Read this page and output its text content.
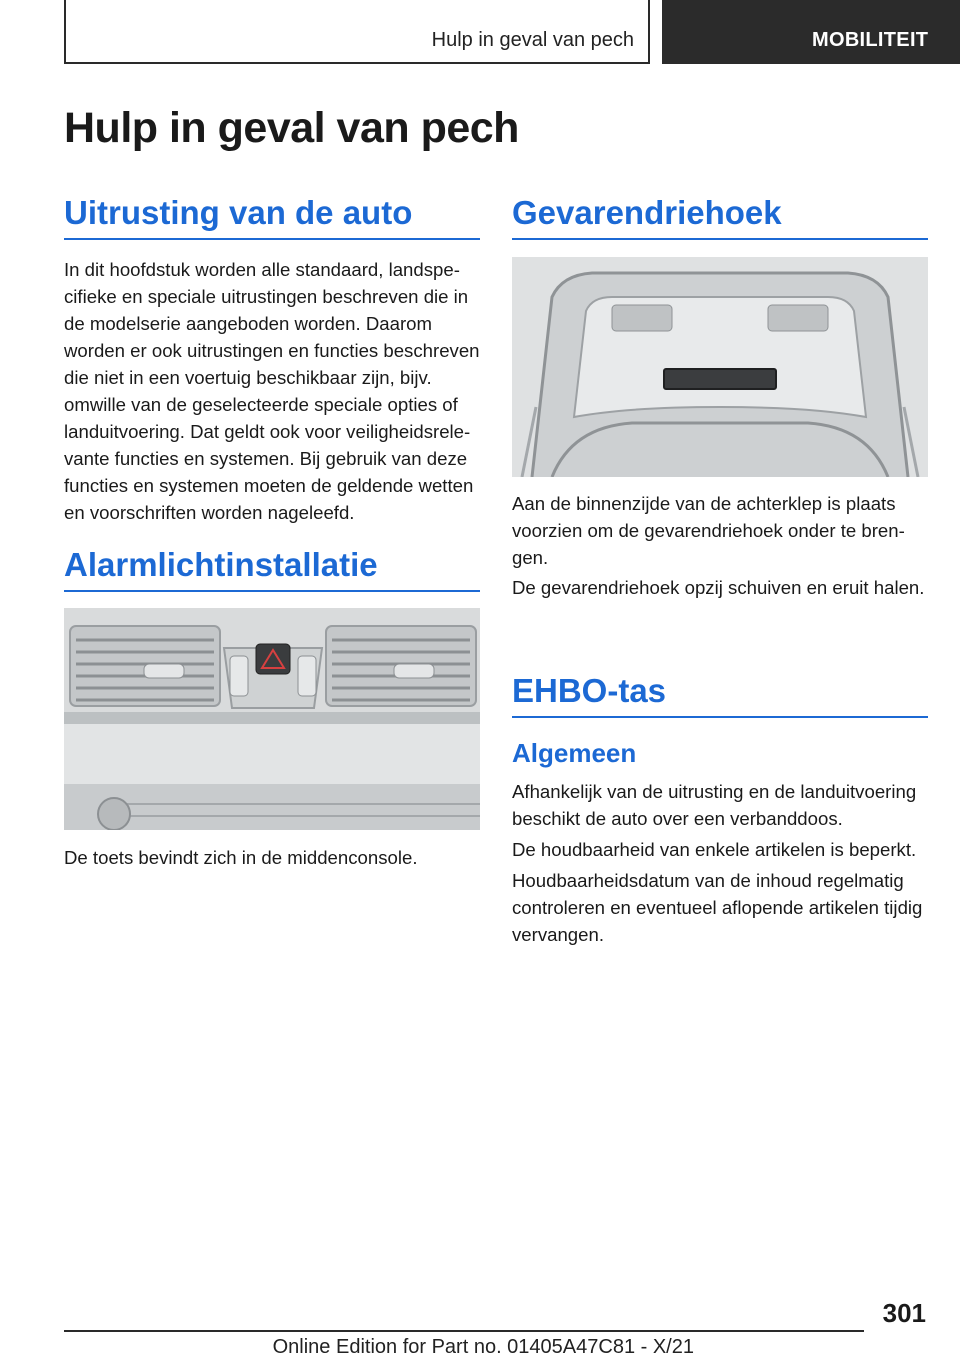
Hulp in geval van pech	MOBILITEIT
Hulp in geval van pech
Uitrusting van de auto

In dit hoofdstuk worden alle standaard, landspecifieke en speciale uitrustingen beschreven die in de modelserie aangeboden worden. Daarom worden er ook uitrustingen en functies beschreven die niet in een voertuig beschikbaar zijn, bijv. omwille van de geselecteerde speciale opties of landuitvoering. Dat geldt ook voor veiligheidsrelevante functies en systemen. Bij gebruik van deze functies en systemen moeten de geldende wetten en voorschriften worden nageleefd.

Alarmlichtinstallatie

De toets bevindt zich in de middenconsole.

Gevarendriehoek

Aan de binnenzijde van de achterklep is plaats voorzien om de gevarendriehoek onder te brengen.

De gevarendriehoek opzij schuiven en eruit halen.

EHBO-tas
Algemeen

Afhankelijk van de uitrusting en de landuitvoering beschikt de auto over een verbanddoos.

De houdbaarheid van enkele artikelen is beperkt.

Houdbaarheidsdatum van de inhoud regelmatig controleren en eventueel aflopende artikelen tijdig vervangen.

301
Online Edition for Part no. 01405A47C81 - X/21
